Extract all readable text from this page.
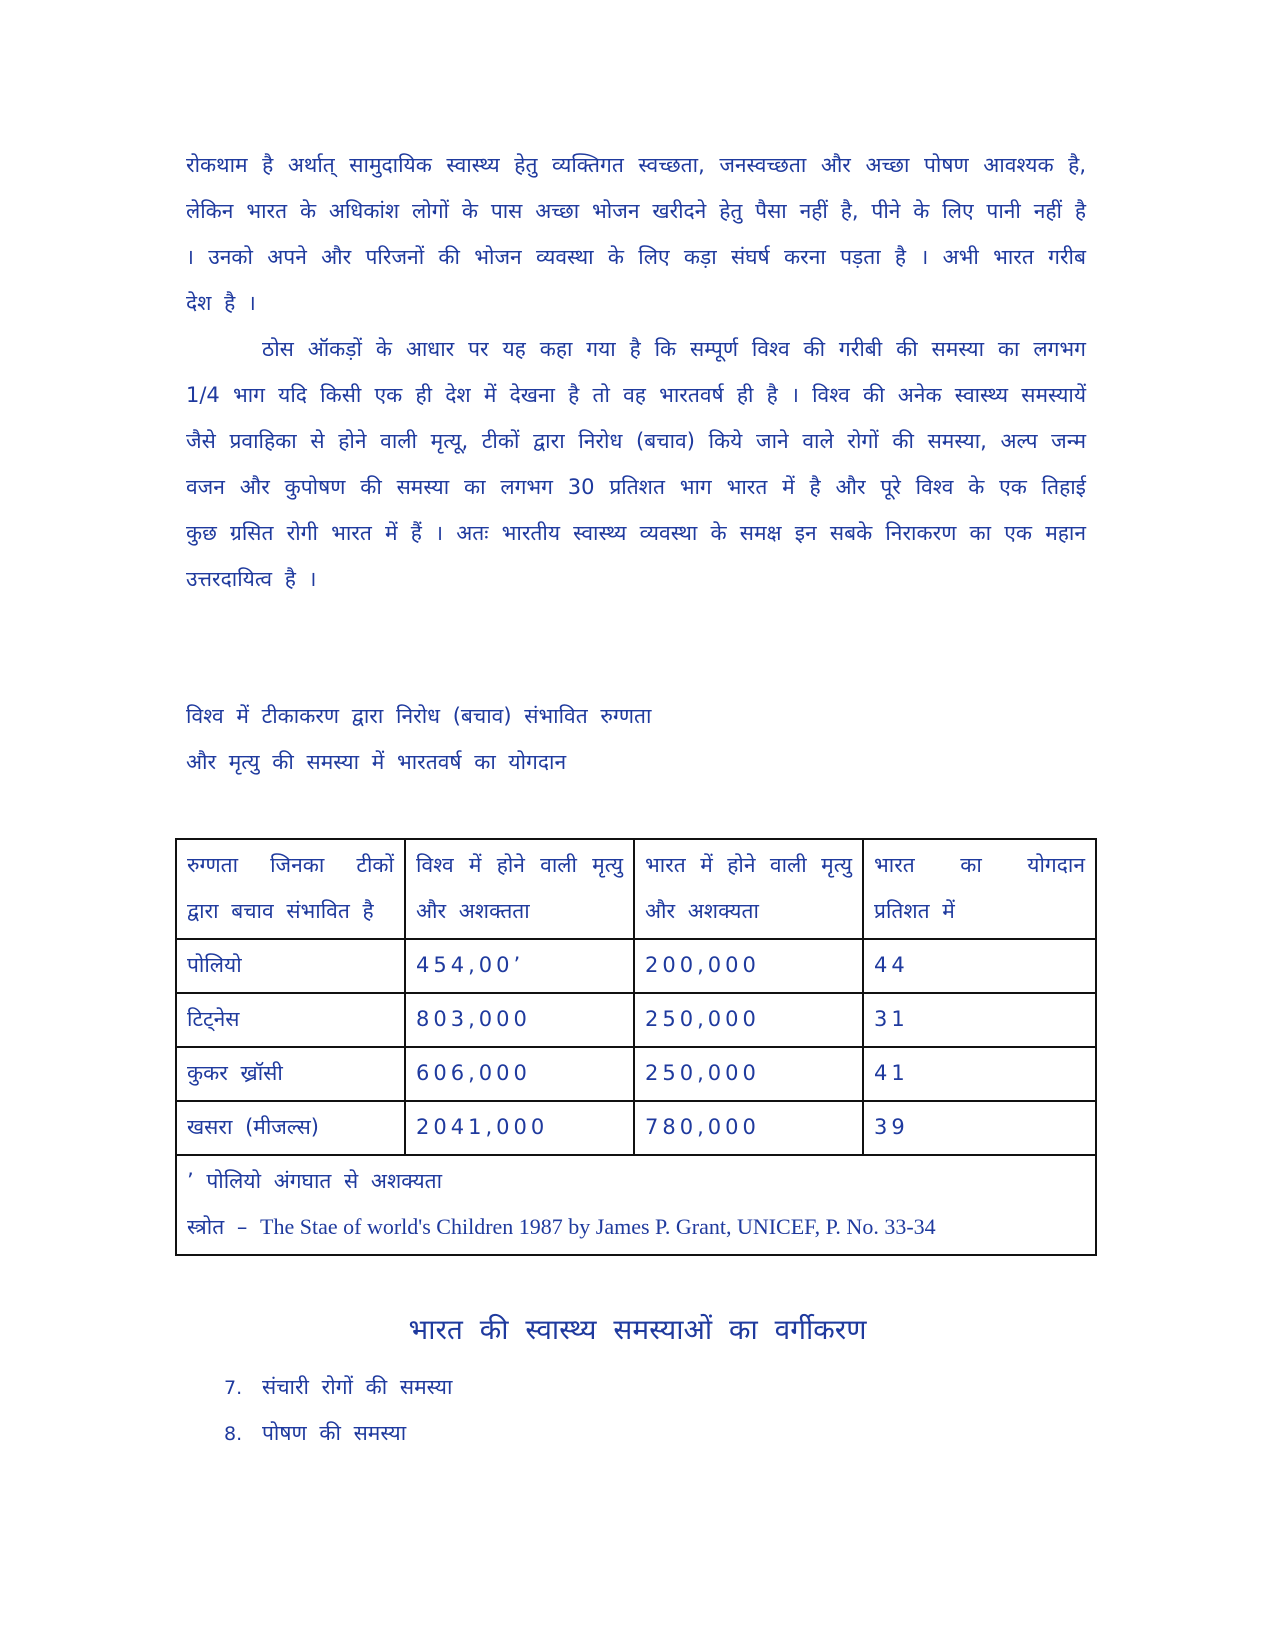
रोकथाम है अर्थात् सामुदायिक स्वास्थ्य हेतु व्यक्तिगत स्वच्छता, जनस्वच्छता और अच्छा पोषण आवश्यक है, लेकिन भारत के अधिकांश लोगों के पास अच्छा भोजन खरीदने हेतु पैसा नहीं है, पीने के लिए पानी नहीं है । उनको अपने और परिजनों की भोजन व्यवस्था के लिए कड़ा संघर्ष करना पड़ता है । अभी भारत गरीब देश है ।

ठोस ऑकड़ों के आधार पर यह कहा गया है कि सम्पूर्ण विश्व की गरीबी की समस्या का लगभग 1/4 भाग यदि किसी एक ही देश में देखना है तो वह भारतवर्ष ही है । विश्व की अनेक स्वास्थ्य समस्यायें जैसे प्रवाहिका से होने वाली मृत्यू, टीकों द्वारा निरोध (बचाव) किये जाने वाले रोगों की समस्या, अल्प जन्म वजन और कुपोषण की समस्या का लगभग 30 प्रतिशत भाग भारत में है और पूरे विश्व के एक तिहाई कुछ ग्रसित रोगी भारत में हैं । अतः भारतीय स्वास्थ्य व्यवस्था के समक्ष इन सबके निराकरण का एक महान उत्तरदायित्व है ।

विश्व में टीकाकरण द्वारा निरोध (बचाव) संभावित रुग्णता

और मृत्यु की समस्या में भारतवर्ष का योगदान

रुग्णता जिनका टीकों द्वारा बचाव संभावित है	विश्व में होने वाली मृत्यु और अशक्तता	भारत में होने वाली मृत्यु और अशक्यता	भारत का योगदान प्रतिशत में
पोलियो	454,00’	200,000	44
टिट्नेस	803,000	250,000	31
कुकर ख्रॉसी	606,000	250,000	41
खसरा (मीजल्स)	2041,000	780,000	39

’ पोलियो अंगघात से अशक्यता
स्त्रोत – The Stae of world's Children 1987 by James P. Grant, UNICEF, P. No. 33-34			
भारत की स्वास्थ्य समस्याओं का वर्गीकरण

7. संचारी रोगों की समस्या

8. पोषण की समस्या
